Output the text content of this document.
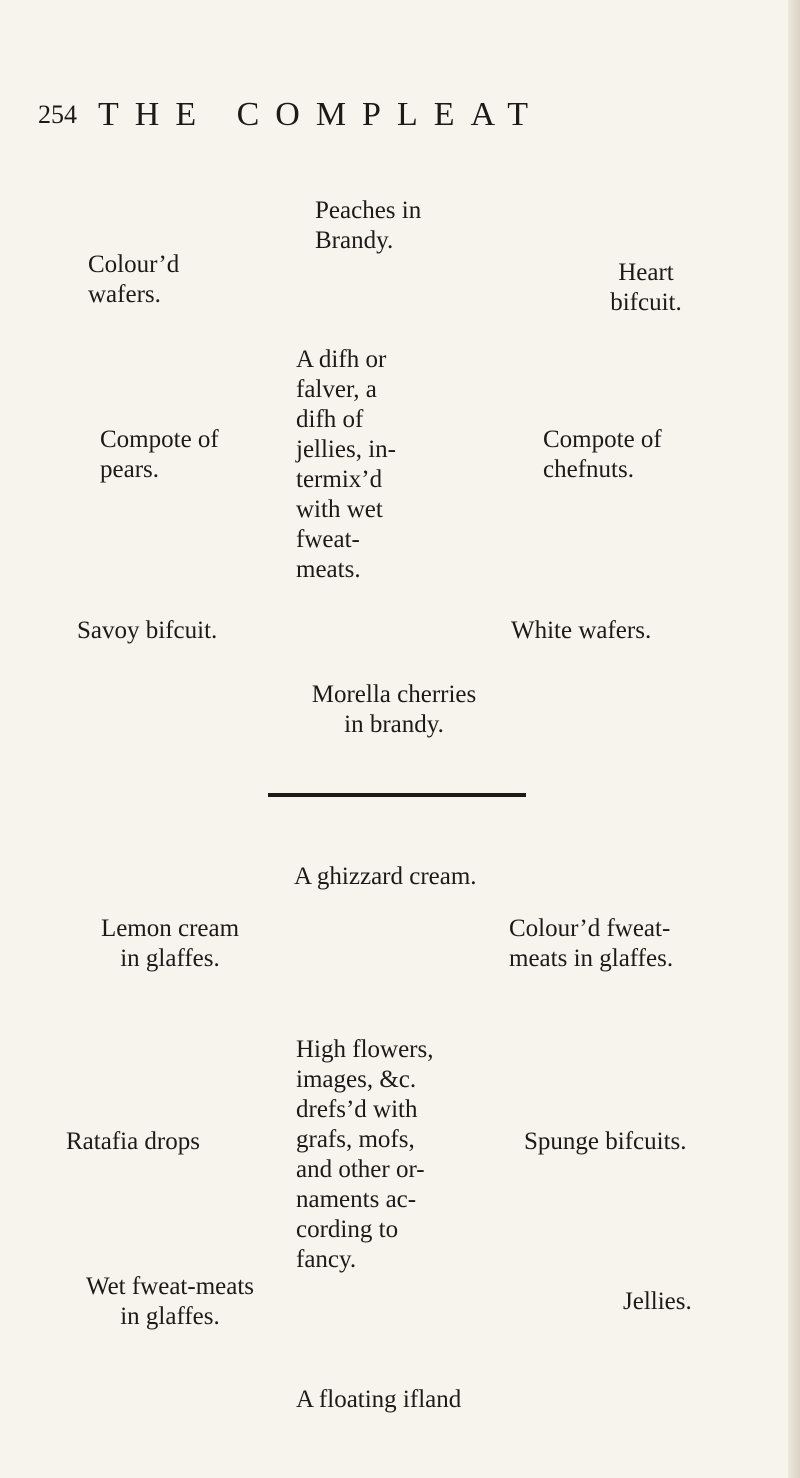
254 THE COMPLEAT
Peaches in
Brandy.
Colour’d
wafers.
Heart
bifcuit.
Compote of
pears.
A difh or
falver, a
difh of
jellies, in-
termix’d
with wet
fweat-
meats.
Compote of
chefnuts.
Savoy bifcuit.	White wafers.
Morella cherries
in brandy.
A ghizzard cream.
Lemon cream
in glaffes.
Colour’d fweat-
meats in glaffes.
High flowers,
images, &c.
drefs’d with
grafs, mofs,
and other or-
naments ac-
cording to
fancy.
Ratafia drops	Spunge bifcuits.
Wet fweat-meats
in glaffes.
Jellies.
A floating ifland
